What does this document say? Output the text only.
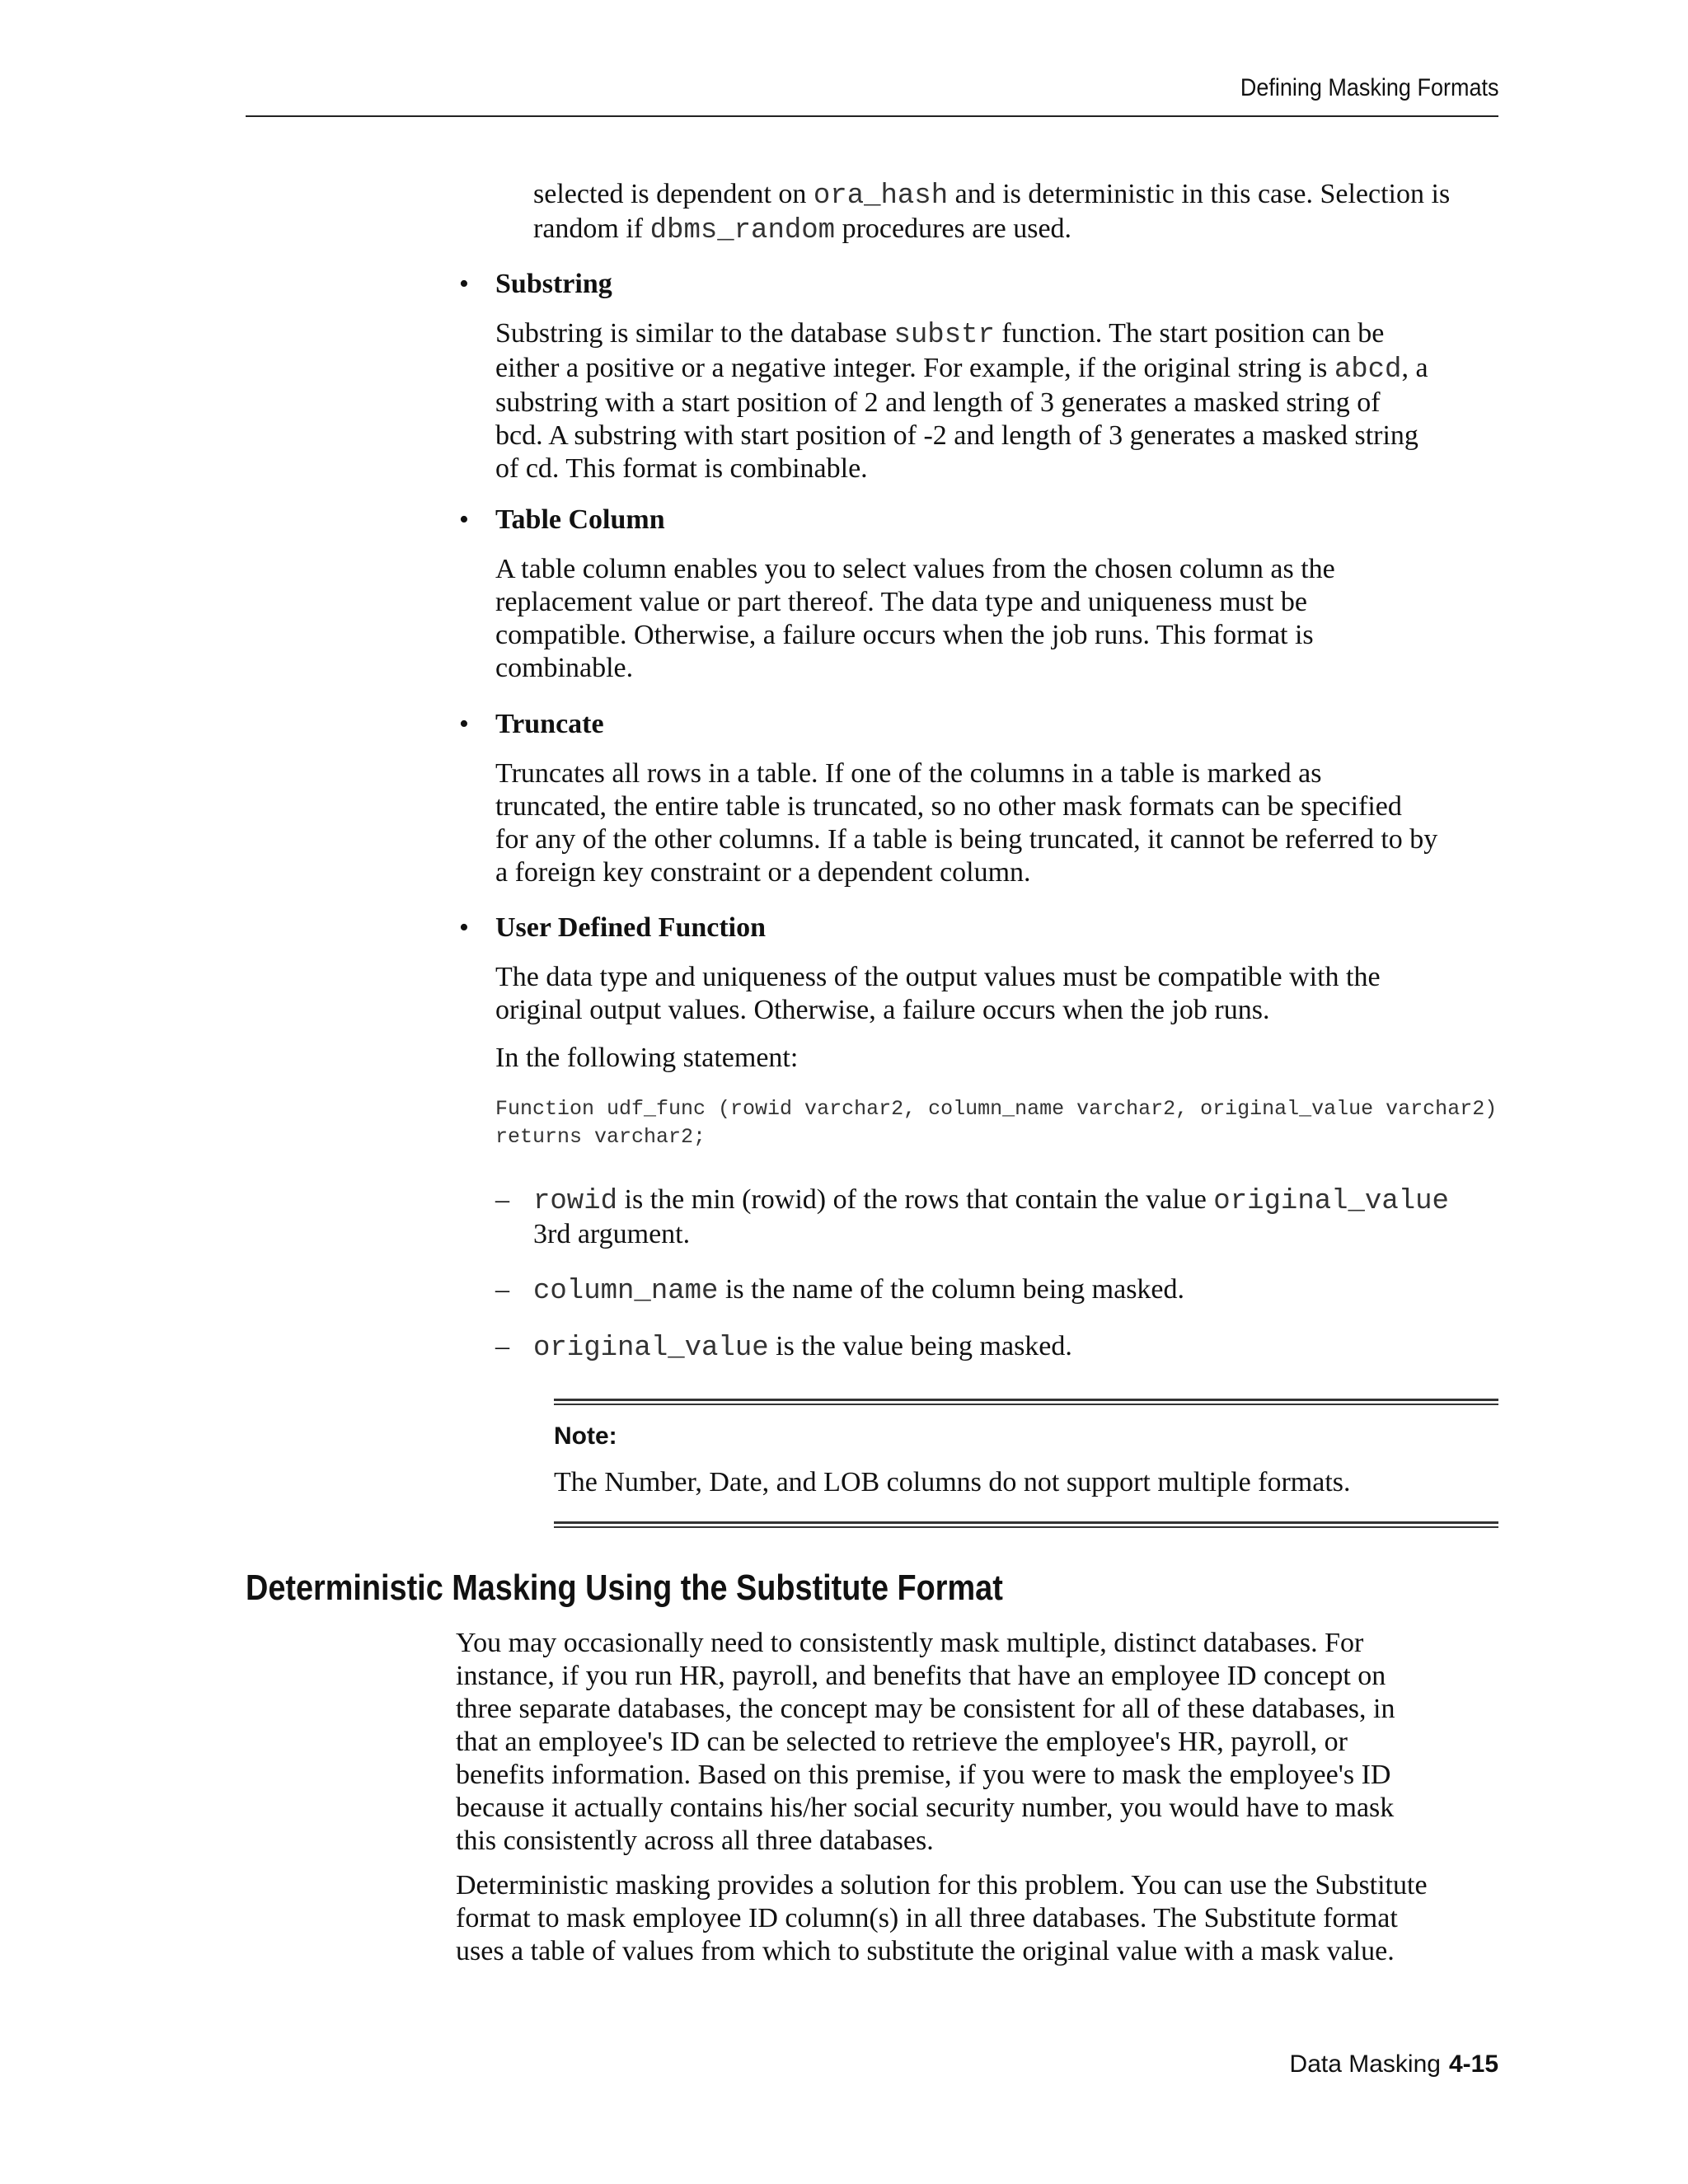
Defining Masking Formats

selected is dependent on ora_hash and is deterministic in this case. Selection is

random if dbms_random procedures are used.

• Substring

Substring is similar to the database substr function. The start position can be

either a positive or a negative integer. For example, if the original string is abcd, a

substring with a start position of 2 and length of 3 generates a masked string of

bcd. A substring with start position of -2 and length of 3 generates a masked string

of cd. This format is combinable.

• Table Column

A table column enables you to select values from the chosen column as the

replacement value or part thereof. The data type and uniqueness must be

compatible. Otherwise, a failure occurs when the job runs. This format is

combinable.

• Truncate

Truncates all rows in a table. If one of the columns in a table is marked as

truncated, the entire table is truncated, so no other mask formats can be specified

for any of the other columns. If a table is being truncated, it cannot be referred to by

a foreign key constraint or a dependent column.

• User Defined Function

The data type and uniqueness of the output values must be compatible with the

original output values. Otherwise, a failure occurs when the job runs.

In the following statement:
Function udf_func (rowid varchar2, column_name varchar2, original_value varchar2)
returns varchar2;
– rowid is the min (rowid) of the rows that contain the value original_value

3rd argument.

– column_name is the name of the column being masked.

– original_value is the value being masked.

Note:
The Number, Date, and LOB columns do not support multiple formats.
Deterministic Masking Using the Substitute Format

You may occasionally need to consistently mask multiple, distinct databases. For

instance, if you run HR, payroll, and benefits that have an employee ID concept on

three separate databases, the concept may be consistent for all of these databases, in

that an employee's ID can be selected to retrieve the employee's HR, payroll, or

benefits information. Based on this premise, if you were to mask the employee's ID

because it actually contains his/her social security number, you would have to mask

this consistently across all three databases.

Deterministic masking provides a solution for this problem. You can use the Substitute

format to mask employee ID column(s) in all three databases. The Substitute format

uses a table of values from which to substitute the original value with a mask value.

Data Masking 4-15
